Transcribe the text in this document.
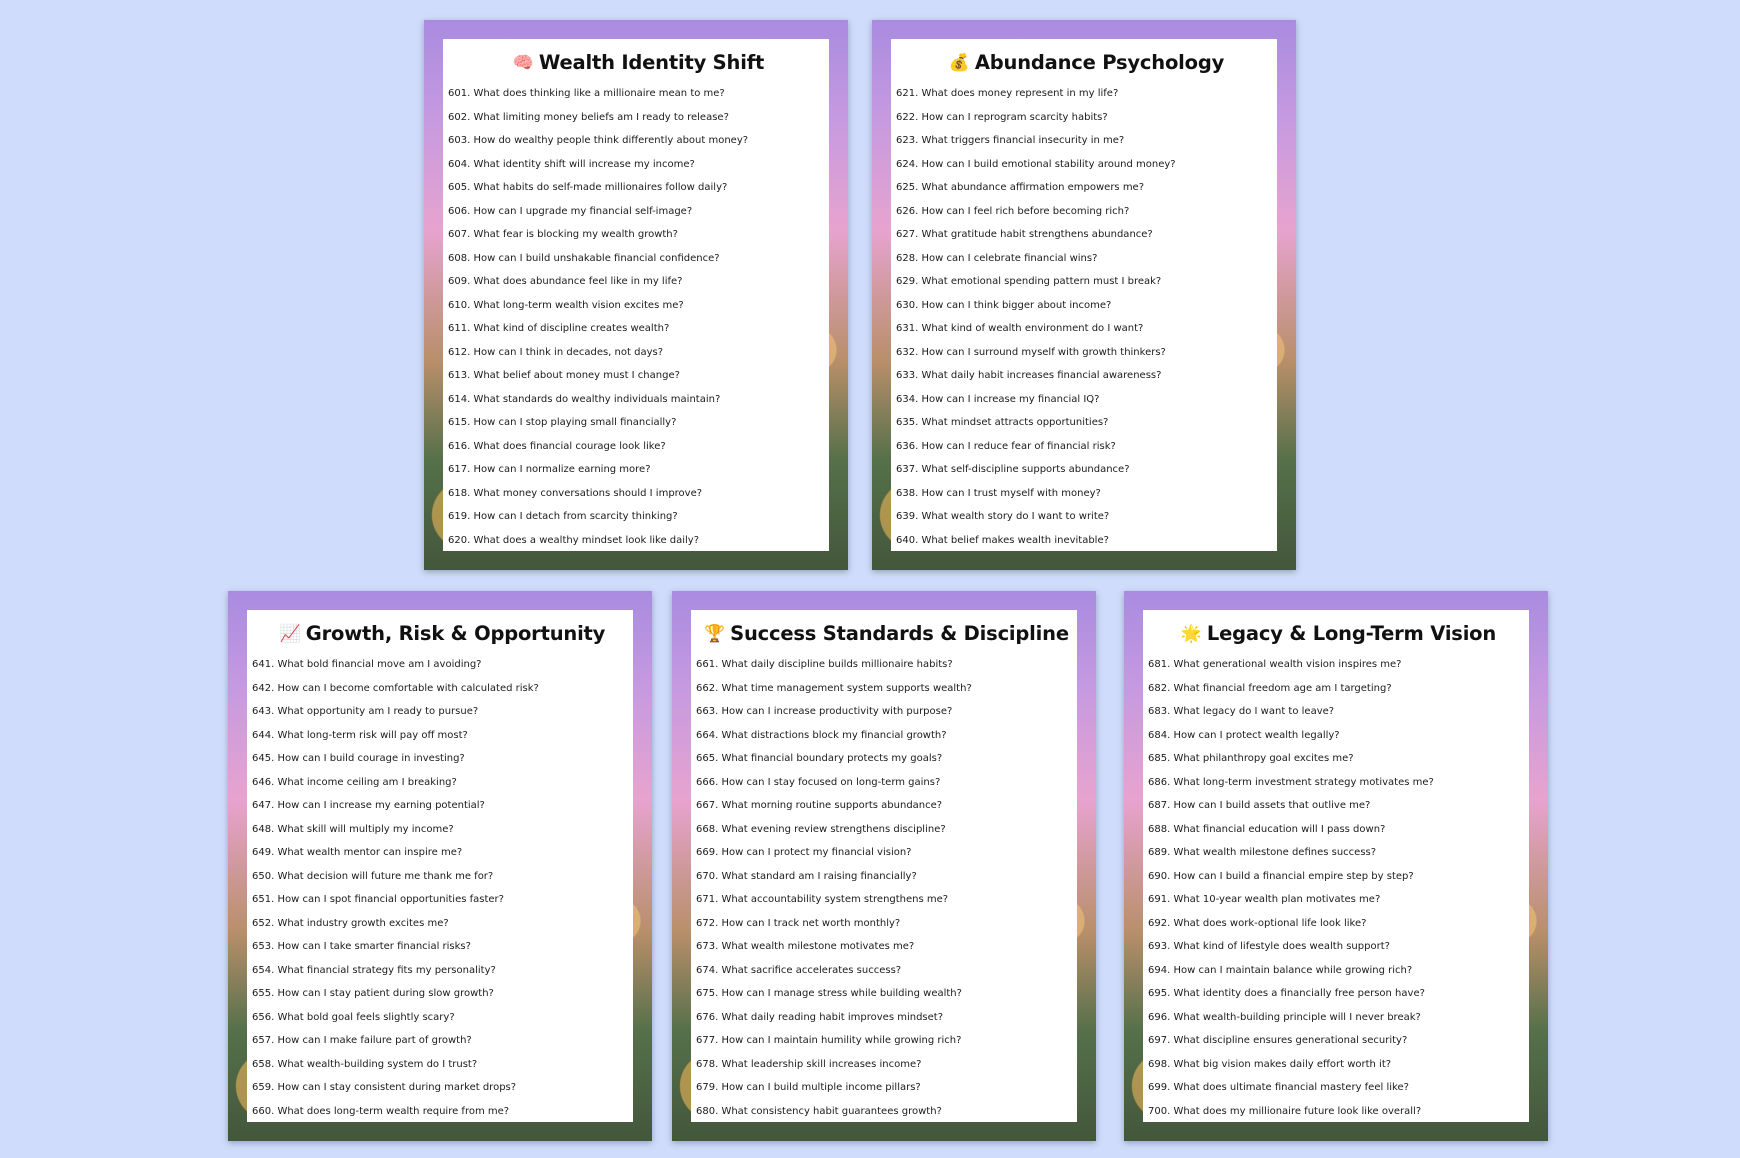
🧠 Wealth Identity Shift
601. What does thinking like a millionaire mean to me?
602. What limiting money beliefs am I ready to release?
603. How do wealthy people think differently about money?
604. What identity shift will increase my income?
605. What habits do self-made millionaires follow daily?
606. How can I upgrade my financial self-image?
607. What fear is blocking my wealth growth?
608. How can I build unshakable financial confidence?
609. What does abundance feel like in my life?
610. What long-term wealth vision excites me?
611. What kind of discipline creates wealth?
612. How can I think in decades, not days?
613. What belief about money must I change?
614. What standards do wealthy individuals maintain?
615. How can I stop playing small financially?
616. What does financial courage look like?
617. How can I normalize earning more?
618. What money conversations should I improve?
619. How can I detach from scarcity thinking?
620. What does a wealthy mindset look like daily?
💰 Abundance Psychology
621. What does money represent in my life?
622. How can I reprogram scarcity habits?
623. What triggers financial insecurity in me?
624. How can I build emotional stability around money?
625. What abundance affirmation empowers me?
626. How can I feel rich before becoming rich?
627. What gratitude habit strengthens abundance?
628. How can I celebrate financial wins?
629. What emotional spending pattern must I break?
630. How can I think bigger about income?
631. What kind of wealth environment do I want?
632. How can I surround myself with growth thinkers?
633. What daily habit increases financial awareness?
634. How can I increase my financial IQ?
635. What mindset attracts opportunities?
636. How can I reduce fear of financial risk?
637. What self-discipline supports abundance?
638. How can I trust myself with money?
639. What wealth story do I want to write?
640. What belief makes wealth inevitable?
📈 Growth, Risk & Opportunity
641. What bold financial move am I avoiding?
642. How can I become comfortable with calculated risk?
643. What opportunity am I ready to pursue?
644. What long-term risk will pay off most?
645. How can I build courage in investing?
646. What income ceiling am I breaking?
647. How can I increase my earning potential?
648. What skill will multiply my income?
649. What wealth mentor can inspire me?
650. What decision will future me thank me for?
651. How can I spot financial opportunities faster?
652. What industry growth excites me?
653. How can I take smarter financial risks?
654. What financial strategy fits my personality?
655. How can I stay patient during slow growth?
656. What bold goal feels slightly scary?
657. How can I make failure part of growth?
658. What wealth-building system do I trust?
659. How can I stay consistent during market drops?
660. What does long-term wealth require from me?
🏆 Success Standards & Discipline
661. What daily discipline builds millionaire habits?
662. What time management system supports wealth?
663. How can I increase productivity with purpose?
664. What distractions block my financial growth?
665. What financial boundary protects my goals?
666. How can I stay focused on long-term gains?
667. What morning routine supports abundance?
668. What evening review strengthens discipline?
669. How can I protect my financial vision?
670. What standard am I raising financially?
671. What accountability system strengthens me?
672. How can I track net worth monthly?
673. What wealth milestone motivates me?
674. What sacrifice accelerates success?
675. How can I manage stress while building wealth?
676. What daily reading habit improves mindset?
677. How can I maintain humility while growing rich?
678. What leadership skill increases income?
679. How can I build multiple income pillars?
680. What consistency habit guarantees growth?
🌟 Legacy & Long-Term Vision
681. What generational wealth vision inspires me?
682. What financial freedom age am I targeting?
683. What legacy do I want to leave?
684. How can I protect wealth legally?
685. What philanthropy goal excites me?
686. What long-term investment strategy motivates me?
687. How can I build assets that outlive me?
688. What financial education will I pass down?
689. What wealth milestone defines success?
690. How can I build a financial empire step by step?
691. What 10-year wealth plan motivates me?
692. What does work-optional life look like?
693. What kind of lifestyle does wealth support?
694. How can I maintain balance while growing rich?
695. What identity does a financially free person have?
696. What wealth-building principle will I never break?
697. What discipline ensures generational security?
698. What big vision makes daily effort worth it?
699. What does ultimate financial mastery feel like?
700. What does my millionaire future look like overall?
